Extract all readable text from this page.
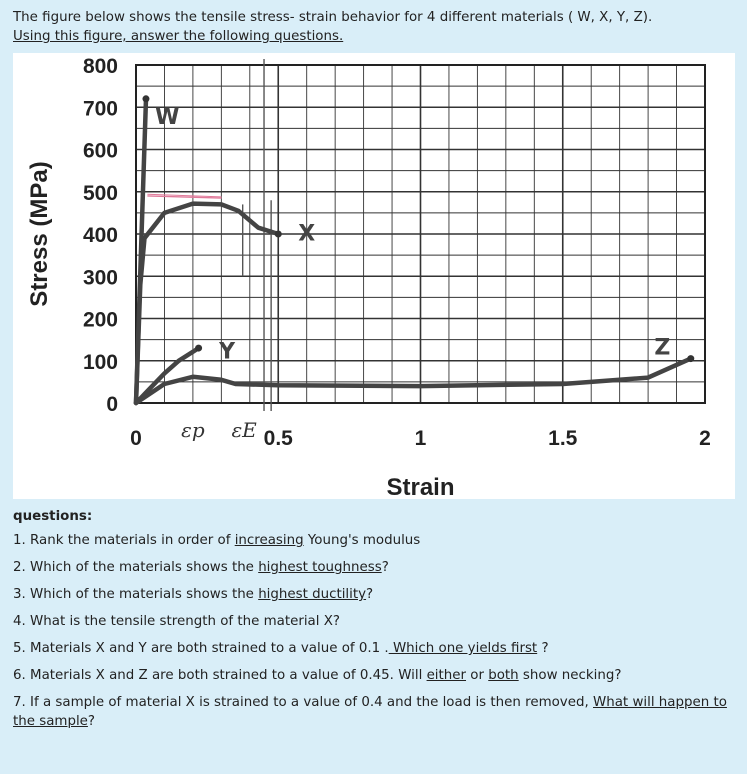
The figure below shows the tensile stress- strain behavior for 4 different materials ( W, X, Y, Z).
Using this figure, answer the following questions.
0
100
200
300
400
500
600
700
800
0	0.5	1	1.5	2
Strain
Stress (MPa)
W
X
Y	Z
εp εE
questions:
1. Rank the materials in order of increasing Young's modulus
2. Which of the materials shows the highest toughness?
3. Which of the materials shows the highest ductility?
4. What is the tensile strength of the material X?
5. Materials X and Y are both strained to a value of 0.1 . Which one yields first ?
6. Materials X and Z are both strained to a value of 0.45. Will either or both show necking?
7. If a sample of material X is strained to a value of 0.4 and the load is then removed, What will happen to the sample?
